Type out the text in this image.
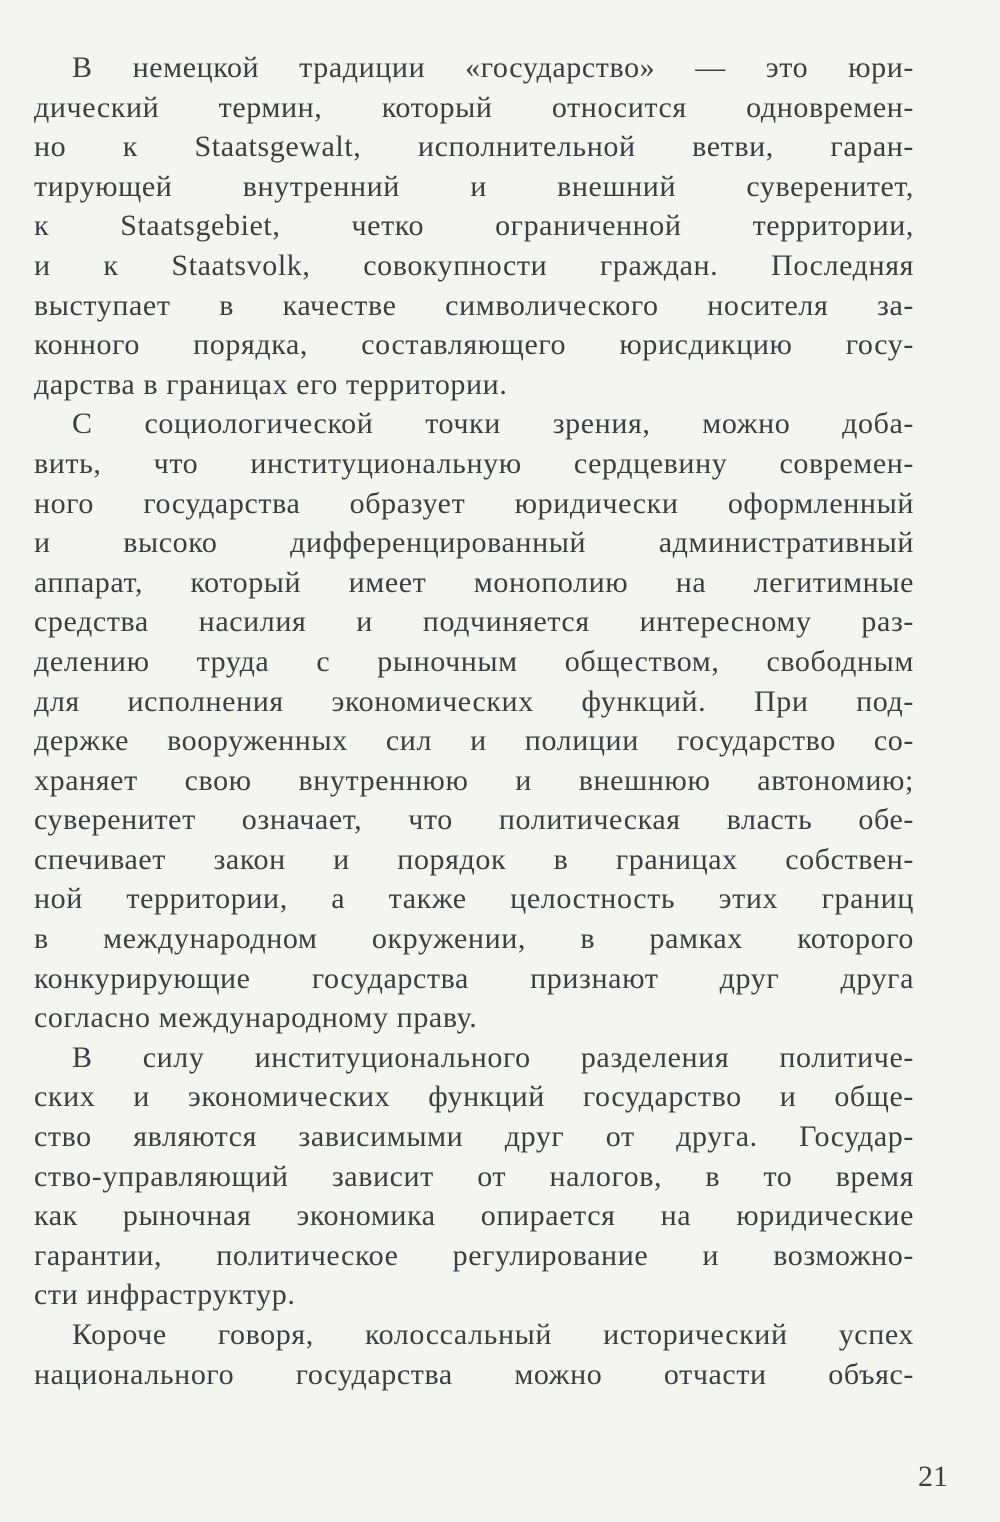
В немецкой традиции «государство» — это юри-
дический термин, который относится одновремен-
но к Staatsgewalt, исполнительной ветви, гаран-
тирующей внутренний и внешний суверенитет,
к Staatsgebiet, четко ограниченной территории,
и к Staatsvolk, совокупности граждан. Последняя
выступает в качестве символического носителя за-
конного порядка, составляющего юрисдикцию госу-
дарства в границах его территории.
С социологической точки зрения, можно доба-
вить, что институциональную сердцевину современ-
ного государства образует юридически оформленный
и высоко дифференцированный административный
аппарат, который имеет монополию на легитимные
средства насилия и подчиняется интересному раз-
делению труда с рыночным обществом, свободным
для исполнения экономических функций. При под-
держке вооруженных сил и полиции государство со-
храняет свою внутреннюю и внешнюю автономию;
суверенитет означает, что политическая власть обе-
спечивает закон и порядок в границах собствен-
ной территории, а также целостность этих границ
в международном окружении, в рамках которого
конкурирующие государства признают друг друга
согласно международному праву.
В силу институционального разделения политиче-
ских и экономических функций государство и обще-
ство являются зависимыми друг от друга. Государ-
ство-управляющий зависит от налогов, в то время
как рыночная экономика опирается на юридические
гарантии, политическое регулирование и возможно-
сти инфраструктур.
Короче говоря, колоссальный исторический успех
национального государства можно отчасти объяс-
21
